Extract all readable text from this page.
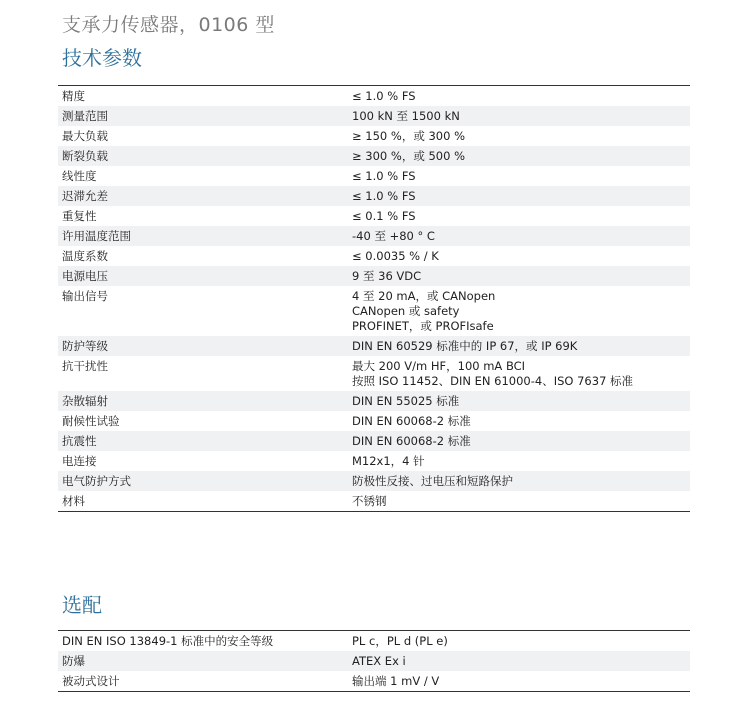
支承力传感器，0106 型
技术参数
精度	≤ 1.0 % FS

测量范围	100 kN 至 1500 kN

最大负载	≥ 150 %，或 300 %

断裂负载	≥ 300 %，或 500 %

线性度	≤ 1.0 % FS

迟滞允差	≤ 1.0 % FS

重复性	≤ 0.1 % FS

许用温度范围	-40 至 +80 ° C

温度系数	≤ 0.0035 % / K

电源电压	9 至 36 VDC

输出信号	4 至 20 mA，或 CANopen
CANopen 或 safety
PROFINET，或 PROFIsafe

防护等级	DIN EN 60529 标准中的 IP 67，或 IP 69K

抗干扰性	最大 200 V/m HF，100 mA BCI
按照 ISO 11452、DIN EN 61000-4、ISO 7637 标准

杂散辐射	DIN EN 55025 标准

耐候性试验	DIN EN 60068-2 标准

抗震性	DIN EN 60068-2 标准

电连接	M12x1，4 针

电气防护方式	防极性反接、过电压和短路保护

材料	不锈钢
选配
DIN EN ISO 13849-1 标准中的安全等级	PL c，PL d (PL e)

防爆	ATEX Ex i

被动式设计	输出端 1 mV / V
